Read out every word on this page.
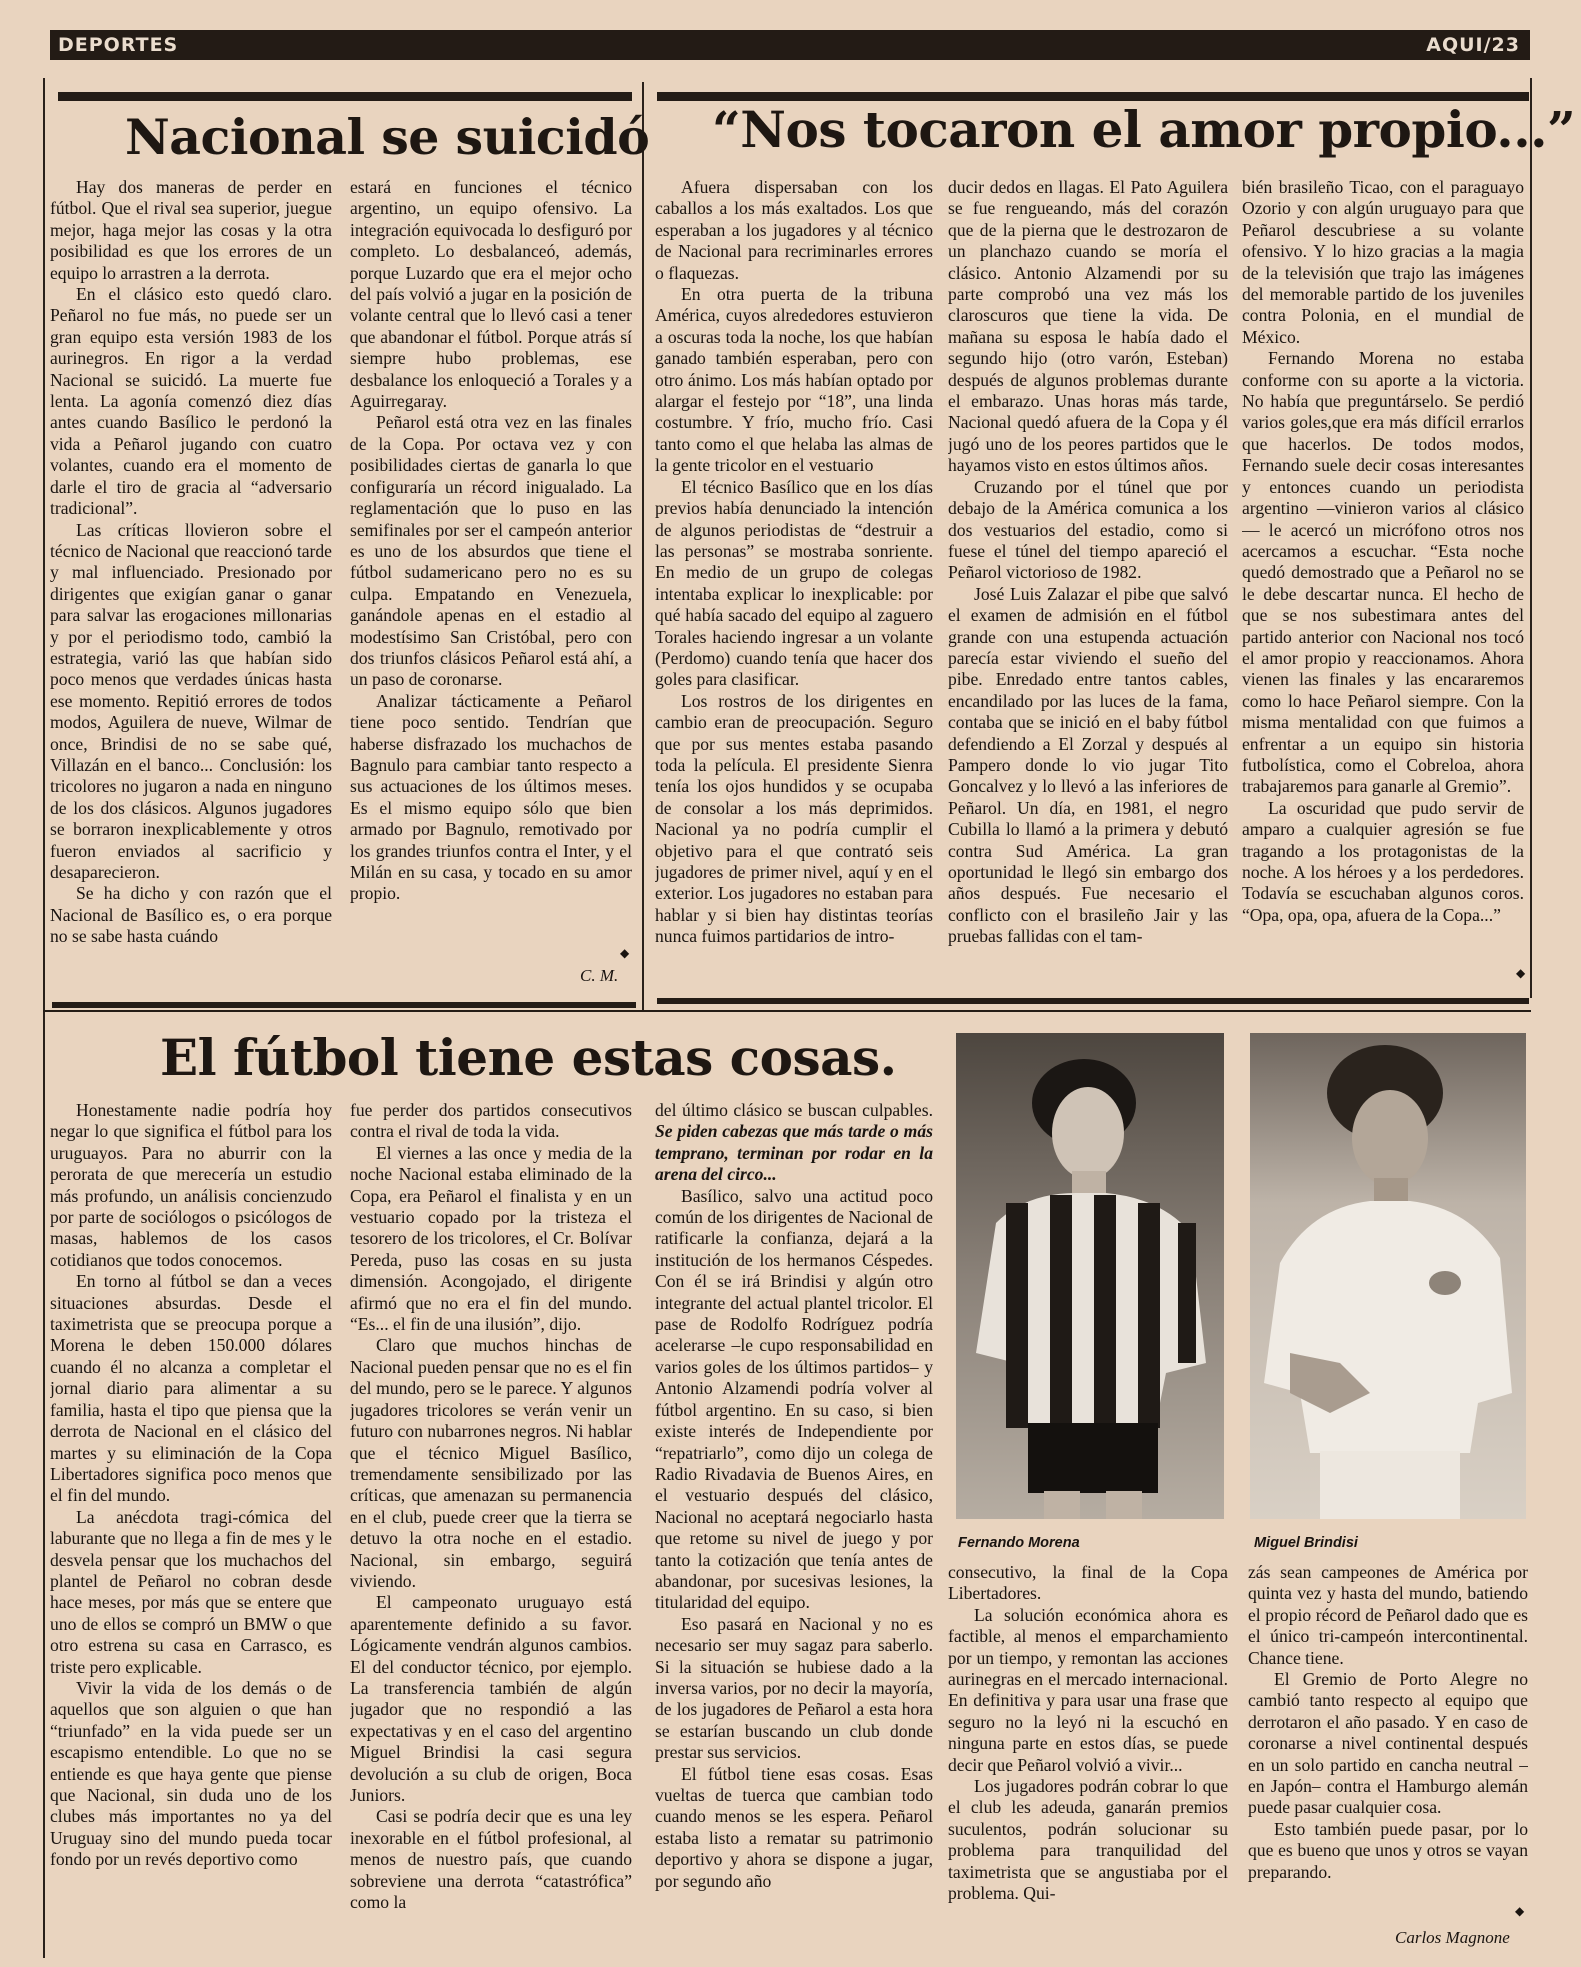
DEPORTES	AQUI/23
Nacional se suicidó

Hay dos maneras de perder en fútbol. Que el rival sea superior, juegue mejor, haga mejor las cosas y la otra posibilidad es que los errores de un equipo lo arrastren a la derrota.

En el clásico esto quedó claro. Peñarol no fue más, no puede ser un gran equipo esta versión 1983 de los aurinegros. En rigor a la verdad Nacional se suicidó. La muerte fue lenta. La agonía comenzó diez días antes cuando Basílico le perdonó la vida a Peñarol jugando con cuatro volantes, cuando era el momento de darle el tiro de gracia al “adversario tradicional”.

Las críticas llovieron sobre el técnico de Nacional que reaccionó tarde y mal influenciado. Presionado por dirigentes que exigían ganar o ganar para salvar las erogaciones millonarias y por el periodismo todo, cambió la estrategia, varió las que habían sido poco menos que verdades únicas hasta ese momento. Repitió errores de todos modos, Aguilera de nueve, Wilmar de once, Brindisi de no se sabe qué, Villazán en el banco... Conclusión: los tricolores no jugaron a nada en ninguno de los dos clásicos. Algunos jugadores se borraron inexplicablemente y otros fueron enviados al sacrificio y desaparecieron.

Se ha dicho y con razón que el Nacional de Basílico es, o era porque no se sabe hasta cuándo

estará en funciones el técnico argentino, un equipo ofensivo. La integración equivocada lo desfiguró por completo. Lo desbalanceó, además, porque Luzardo que era el mejor ocho del país volvió a jugar en la posición de volante central que lo llevó casi a tener que abandonar el fútbol. Porque atrás sí siempre hubo problemas, ese desbalance los enloqueció a Torales y a Aguirregaray.

Peñarol está otra vez en las finales de la Copa. Por octava vez y con posibilidades ciertas de ganarla lo que configuraría un récord inigualado. La reglamentación que lo puso en las semifinales por ser el campeón anterior es uno de los absurdos que tiene el fútbol sudamericano pero no es su culpa. Empatando en Venezuela, ganándole apenas en el estadio al modestísimo San Cristóbal, pero con dos triunfos clásicos Peñarol está ahí, a un paso de coronarse.

Analizar tácticamente a Peñarol tiene poco sentido. Tendrían que haberse disfrazado los muchachos de Bagnulo para cambiar tanto respecto a sus actuaciones de los últimos meses. Es el mismo equipo sólo que bien armado por Bagnulo, remotivado por los grandes triunfos contra el Inter, y el Milán en su casa, y tocado en su amor propio.

◆
C. M.
“Nos tocaron el amor propio...”

Afuera dispersaban con los caballos a los más exaltados. Los que esperaban a los jugadores y al técnico de Nacional para recriminarles errores o flaquezas.

En otra puerta de la tribuna América, cuyos alrededores estuvieron a oscuras toda la noche, los que habían ganado también esperaban, pero con otro ánimo. Los más habían optado por alargar el festejo por “18”, una linda costumbre. Y frío, mucho frío. Casi tanto como el que helaba las almas de la gente tricolor en el vestuario

El técnico Basílico que en los días previos había denunciado la intención de algunos periodistas de “destruir a las personas” se mostraba sonriente. En medio de un grupo de colegas intentaba explicar lo inexplicable: por qué había sacado del equipo al zaguero Torales haciendo ingresar a un volante (Perdomo) cuando tenía que hacer dos goles para clasificar.

Los rostros de los dirigentes en cambio eran de preocupación. Seguro que por sus mentes estaba pasando toda la película. El presidente Sienra tenía los ojos hundidos y se ocupaba de consolar a los más deprimidos. Nacional ya no podría cumplir el objetivo para el que contrató seis jugadores de primer nivel, aquí y en el exterior. Los jugadores no estaban para hablar y si bien hay distintas teorías nunca fuimos partidarios de intro-

ducir dedos en llagas. El Pato Aguilera se fue rengueando, más del corazón que de la pierna que le destrozaron de un planchazo cuando se moría el clásico. Antonio Alzamendi por su parte comprobó una vez más los claroscuros que tiene la vida. De mañana su esposa le había dado el segundo hijo (otro varón, Esteban) después de algunos problemas durante el embarazo. Unas horas más tarde, Nacional quedó afuera de la Copa y él jugó uno de los peores partidos que le hayamos visto en estos últimos años.

Cruzando por el túnel que por debajo de la América comunica a los dos vestuarios del estadio, como si fuese el túnel del tiempo apareció el Peñarol victorioso de 1982.

José Luis Zalazar el pibe que salvó el examen de admisión en el fútbol grande con una estupenda actuación parecía estar viviendo el sueño del pibe. Enredado entre tantos cables, encandilado por las luces de la fama, contaba que se inició en el baby fútbol defendiendo a El Zorzal y después al Pampero donde lo vio jugar Tito Goncalvez y lo llevó a las inferiores de Peñarol. Un día, en 1981, el negro Cubilla lo llamó a la primera y debutó contra Sud América. La gran oportunidad le llegó sin embargo dos años después. Fue necesario el conflicto con el brasileño Jair y las pruebas fallidas con el tam-

bién brasileño Ticao, con el paraguayo Ozorio y con algún uruguayo para que Peñarol descubriese a su volante ofensivo. Y lo hizo gracias a la magia de la televisión que trajo las imágenes del memorable partido de los juveniles contra Polonia, en el mundial de México.

Fernando Morena no estaba conforme con su aporte a la victoria. No había que preguntárselo. Se perdió varios goles,que era más difícil errarlos que hacerlos. De todos modos, Fernando suele decir cosas interesantes y entonces cuando un periodista argentino —vinieron varios al clásico— le acercó un micrófono otros nos acercamos a escuchar. “Esta noche quedó demostrado que a Peñarol no se le debe descartar nunca. El hecho de que se nos subestimara antes del partido anterior con Nacional nos tocó el amor propio y reaccionamos. Ahora vienen las finales y las encararemos como lo hace Peñarol siempre. Con la misma mentalidad con que fuimos a enfrentar a un equipo sin historia futbolística, como el Cobreloa, ahora trabajaremos para ganarle al Gremio”.

La oscuridad que pudo servir de amparo a cualquier agresión se fue tragando a los protagonistas de la noche. A los héroes y a los perdedores. Todavía se escuchaban algunos coros. “Opa, opa, opa, afuera de la Copa...”

◆
El fútbol tiene estas cosas.

Honestamente nadie podría hoy negar lo que significa el fútbol para los uruguayos. Para no aburrir con la perorata de que merecería un estudio más profundo, un análisis concienzudo por parte de sociólogos o psicólogos de masas, hablemos de los casos cotidianos que todos conocemos.

En torno al fútbol se dan a veces situaciones absurdas. Desde el taximetrista que se preocupa porque a Morena le deben 150.000 dólares cuando él no alcanza a completar el jornal diario para alimentar a su familia, hasta el tipo que piensa que la derrota de Nacional en el clásico del martes y su eliminación de la Copa Libertadores significa poco menos que el fin del mundo.

La anécdota tragi-cómica del laburante que no llega a fin de mes y le desvela pensar que los muchachos del plantel de Peñarol no cobran desde hace meses, por más que se entere que uno de ellos se compró un BMW o que otro estrena su casa en Carrasco, es triste pero explicable.

Vivir la vida de los demás o de aquellos que son alguien o que han “triunfado” en la vida puede ser un escapismo entendible. Lo que no se entiende es que haya gente que piense que Nacional, sin duda uno de los clubes más importantes no ya del Uruguay sino del mundo pueda tocar fondo por un revés deportivo como

fue perder dos partidos consecutivos contra el rival de toda la vida.

El viernes a las once y media de la noche Nacional estaba eliminado de la Copa, era Peñarol el finalista y en un vestuario copado por la tristeza el tesorero de los tricolores, el Cr. Bolívar Pereda, puso las cosas en su justa dimensión. Acongojado, el dirigente afirmó que no era el fin del mundo. “Es... el fin de una ilusión”, dijo.

Claro que muchos hinchas de Nacional pueden pensar que no es el fin del mundo, pero se le parece. Y algunos jugadores tricolores se verán venir un futuro con nubarrones negros. Ni hablar que el técnico Miguel Basílico, tremendamente sensibilizado por las críticas, que amenazan su permanencia en el club, puede creer que la tierra se detuvo la otra noche en el estadio. Nacional, sin embargo, seguirá viviendo.

El campeonato uruguayo está aparentemente definido a su favor. Lógicamente vendrán algunos cambios. El del conductor técnico, por ejemplo. La transferencia también de algún jugador que no respondió a las expectativas y en el caso del argentino Miguel Brindisi la casi segura devolución a su club de origen, Boca Juniors.

Casi se podría decir que es una ley inexorable en el fútbol profesional, al menos de nuestro país, que cuando sobreviene una derrota “catastrófica” como la

del último clásico se buscan culpables. Se piden cabezas que más tarde o más temprano, terminan por rodar en la arena del circo...

Basílico, salvo una actitud poco común de los dirigentes de Nacional de ratificarle la confianza, dejará a la institución de los hermanos Céspedes. Con él se irá Brindisi y algún otro integrante del actual plantel tricolor. El pase de Rodolfo Rodríguez podría acelerarse –le cupo responsabilidad en varios goles de los últimos partidos– y Antonio Alzamendi podría volver al fútbol argentino. En su caso, si bien existe interés de Independiente por “repatriarlo”, como dijo un colega de Radio Rivadavia de Buenos Aires, en el vestuario después del clásico, Nacional no aceptará negociarlo hasta que retome su nivel de juego y por tanto la cotización que tenía antes de abandonar, por sucesivas lesiones, la titularidad del equipo.

Eso pasará en Nacional y no es necesario ser muy sagaz para saberlo. Si la situación se hubiese dado a la inversa varios, por no decir la mayoría, de los jugadores de Peñarol a esta hora se estarían buscando un club donde prestar sus servicios.

El fútbol tiene esas cosas. Esas vueltas de tuerca que cambian todo cuando menos se les espera. Peñarol estaba listo a rematar su patrimonio deportivo y ahora se dispone a jugar, por segundo año

Fernando Morena	Miguel Brindisi

consecutivo, la final de la Copa Libertadores.

La solución económica ahora es factible, al menos el emparchamiento por un tiempo, y remontan las acciones aurinegras en el mercado internacional. En definitiva y para usar una frase que seguro no la leyó ni la escuchó en ninguna parte en estos días, se puede decir que Peñarol volvió a vivir...

Los jugadores podrán cobrar lo que el club les adeuda, ganarán premios suculentos, podrán solucionar su problema para tranquilidad del taximetrista que se angustiaba por el problema. Qui-

zás sean campeones de América por quinta vez y hasta del mundo, batiendo el propio récord de Peñarol dado que es el único tri-campeón intercontinental. Chance tiene.

El Gremio de Porto Alegre no cambió tanto respecto al equipo que derrotaron el año pasado. Y en caso de coronarse a nivel continental después en un solo partido en cancha neutral –en Japón– contra el Hamburgo alemán puede pasar cualquier cosa.

Esto también puede pasar, por lo que es bueno que unos y otros se vayan preparando.

◆
Carlos Magnone
